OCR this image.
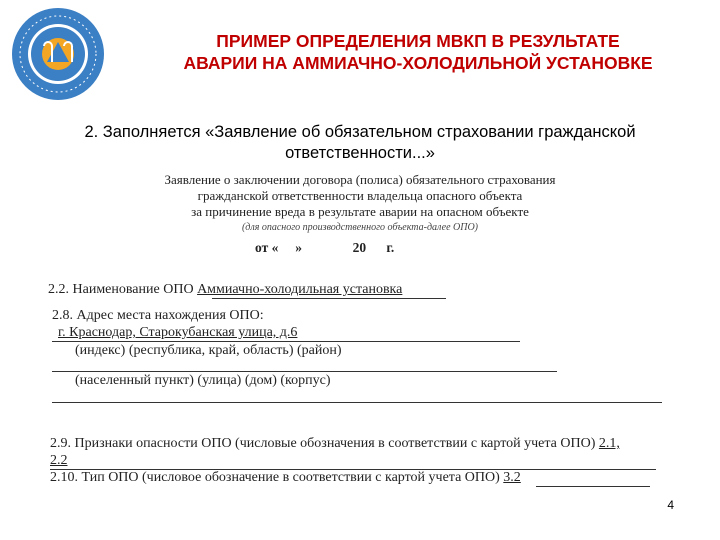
ПРИМЕР ОПРЕДЕЛЕНИЯ МВКП В РЕЗУЛЬТАТЕ
АВАРИИ НА АММИАЧНО-ХОЛОДИЛЬНОЙ УСТАНОВКЕ
2. Заполняется «Заявление об обязательном страховании гражданской
ответственности...»
Заявление о заключении договора (полиса) обязательного страхования
гражданской ответственности владельца опасного объекта
за причинение вреда в результате аварии на опасном объекте
(для опасного производственного объекта-далее ОПО)
от «     »               20      г.
2.2. Наименование ОПО Аммиачно-холодильная установка
2.8. Адрес места нахождения ОПО:
г. Краснодар, Старокубанская улица, д.6
(индекс) (республика, край, область) (район)
(населенный пункт) (улица) (дом) (корпус)
2.9. Признаки опасности ОПО (числовые обозначения в соответствии с картой учета ОПО) 2.1,
2.2
2.10. Тип ОПО (числовое обозначение в соответствии с картой учета ОПО) 3.2
4
